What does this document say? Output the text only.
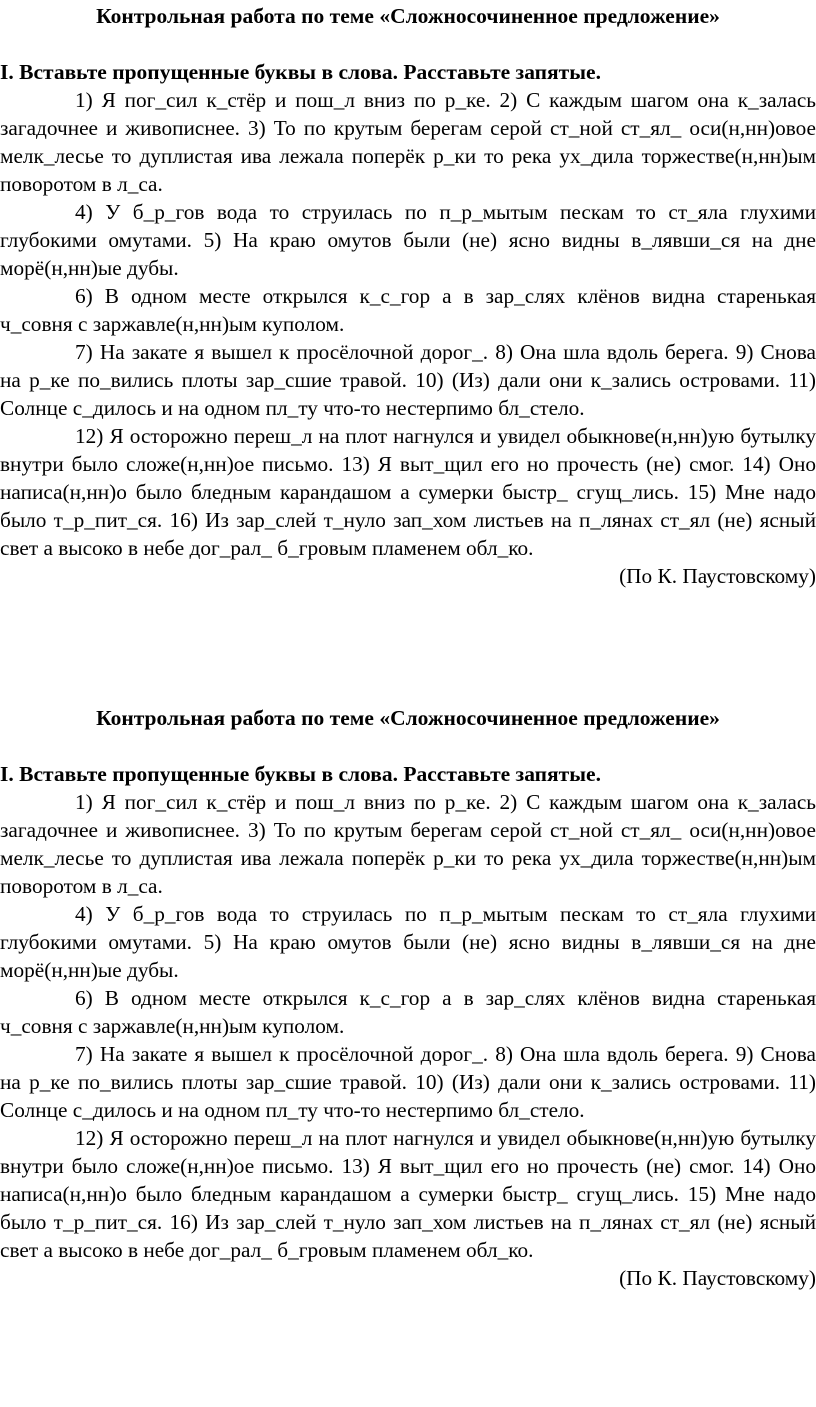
Контрольная работа по теме «Сложносочиненное предложение»

I. Вставьте пропущенные буквы в слова. Расставьте запятые.

1) Я пог_сил к_стёр и пош_л вниз по р_ке. 2) С каждым шагом она к_залась загадочнее и живописнее. 3) То по крутым берегам серой ст_ной ст_ял_ оси(н,нн)овое мелк_лесье то дуплистая ива лежала поперёк р_ки то река ух_дила торжестве(н,нн)ым поворотом в л_са.

4) У б_р_гов вода то струилась по п_р_мытым пескам то ст_яла глухими глубокими омутами. 5) На краю омутов были (не) ясно видны в_лявши_ся на дне морё(н,нн)ые дубы.

6) В одном месте открылся к_с_гор а в зар_слях клёнов видна старенькая ч_совня с заржавле(н,нн)ым куполом.

7) На закате я вышел к просёлочной дорог_. 8) Она шла вдоль берега. 9) Снова на р_ке по_вились плоты зар_сшие травой. 10) (Из) дали они к_зались островами. 11) Солнце с_дилось и на одном пл_ту что-то нестерпимо бл_стело.

12) Я осторожно переш_л на плот нагнулся и увидел обыкнове(н,нн)ую бутылку внутри было сложе(н,нн)ое письмо. 13) Я выт_щил его но прочесть (не) смог. 14) Оно написа(н,нн)о было бледным карандашом а сумерки быстр_ сгущ_лись. 15) Мне надо было т_р_пит_ся. 16) Из зар_слей т_нуло зап_хом листьев на п_лянах ст_ял (не) ясный свет а высоко в небе дог_рал_ б_гровым пламенем обл_ко.

(По К. Паустовскому)

Контрольная работа по теме «Сложносочиненное предложение»

I. Вставьте пропущенные буквы в слова. Расставьте запятые.

1) Я пог_сил к_стёр и пош_л вниз по р_ке. 2) С каждым шагом она к_залась загадочнее и живописнее. 3) То по крутым берегам серой ст_ной ст_ял_ оси(н,нн)овое мелк_лесье то дуплистая ива лежала поперёк р_ки то река ух_дила торжестве(н,нн)ым поворотом в л_са.

4) У б_р_гов вода то струилась по п_р_мытым пескам то ст_яла глухими глубокими омутами. 5) На краю омутов были (не) ясно видны в_лявши_ся на дне морё(н,нн)ые дубы.

6) В одном месте открылся к_с_гор а в зар_слях клёнов видна старенькая ч_совня с заржавле(н,нн)ым куполом.

7) На закате я вышел к просёлочной дорог_. 8) Она шла вдоль берега. 9) Снова на р_ке по_вились плоты зар_сшие травой. 10) (Из) дали они к_зались островами. 11) Солнце с_дилось и на одном пл_ту что-то нестерпимо бл_стело.

12) Я осторожно переш_л на плот нагнулся и увидел обыкнове(н,нн)ую бутылку внутри было сложе(н,нн)ое письмо. 13) Я выт_щил его но прочесть (не) смог. 14) Оно написа(н,нн)о было бледным карандашом а сумерки быстр_ сгущ_лись. 15) Мне надо было т_р_пит_ся. 16) Из зар_слей т_нуло зап_хом листьев на п_лянах ст_ял (не) ясный свет а высоко в небе дог_рал_ б_гровым пламенем обл_ко.

(По К. Паустовскому)
